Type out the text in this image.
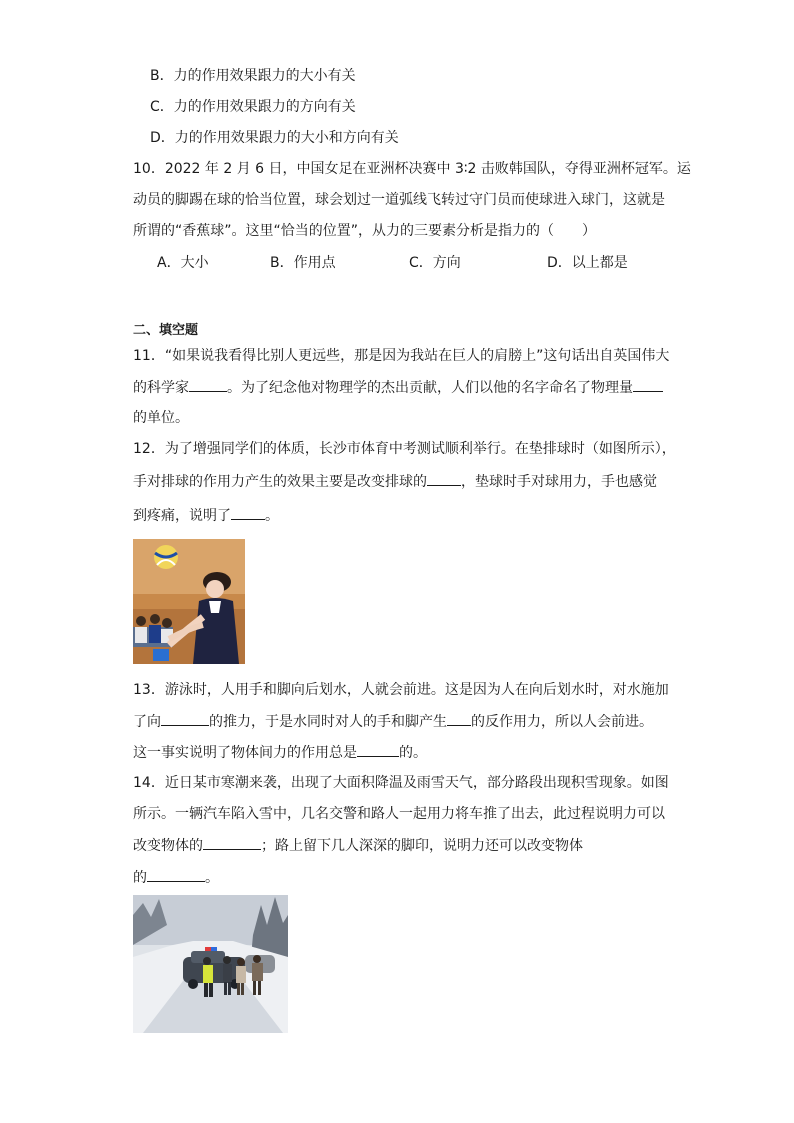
B．力的作用效果跟力的大小有关
C．力的作用效果跟力的方向有关
D．力的作用效果跟力的大小和方向有关
10．2022 年 2 月 6 日，中国女足在亚洲杯决赛中 3∶2 击败韩国队，夺得亚洲杯冠军。运
动员的脚踢在球的恰当位置，球会划过一道弧线飞转过守门员而使球进入球门，这就是
所谓的“香蕉球”。这里“恰当的位置”，从力的三要素分析是指力的（　　）
A．大小	B．作用点	C．方向	D．以上都是
二、填空题
11．“如果说我看得比别人更远些，那是因为我站在巨人的肩膀上”这句话出自英国伟大
的科学家	。为了纪念他对物理学的杰出贡献，人们以他的名字命名了物理量
的单位。
12．为了增强同学们的体质，长沙市体育中考测试顺利举行。在垫排球时（如图所示），
手对排球的作用力产生的效果主要是改变排球的 ，垫球时手对球用力，手也感觉
到疼痛，说明了 。
13．游泳时，人用手和脚向后划水，人就会前进。这是因为人在向后划水时，对水施加
了向	的推力，于是水同时对人的手和脚产生 的反作用力，所以人会前进。
这一事实说明了物体间力的作用总是	的。
14．近日某市寒潮来袭，出现了大面积降温及雨雪天气，部分路段出现积雪现象。如图
所示。一辆汽车陷入雪中，几名交警和路人一起用力将车推了出去，此过程说明力可以
改变物体的	；路上留下几人深深的脚印，说明力还可以改变物体
的	。
